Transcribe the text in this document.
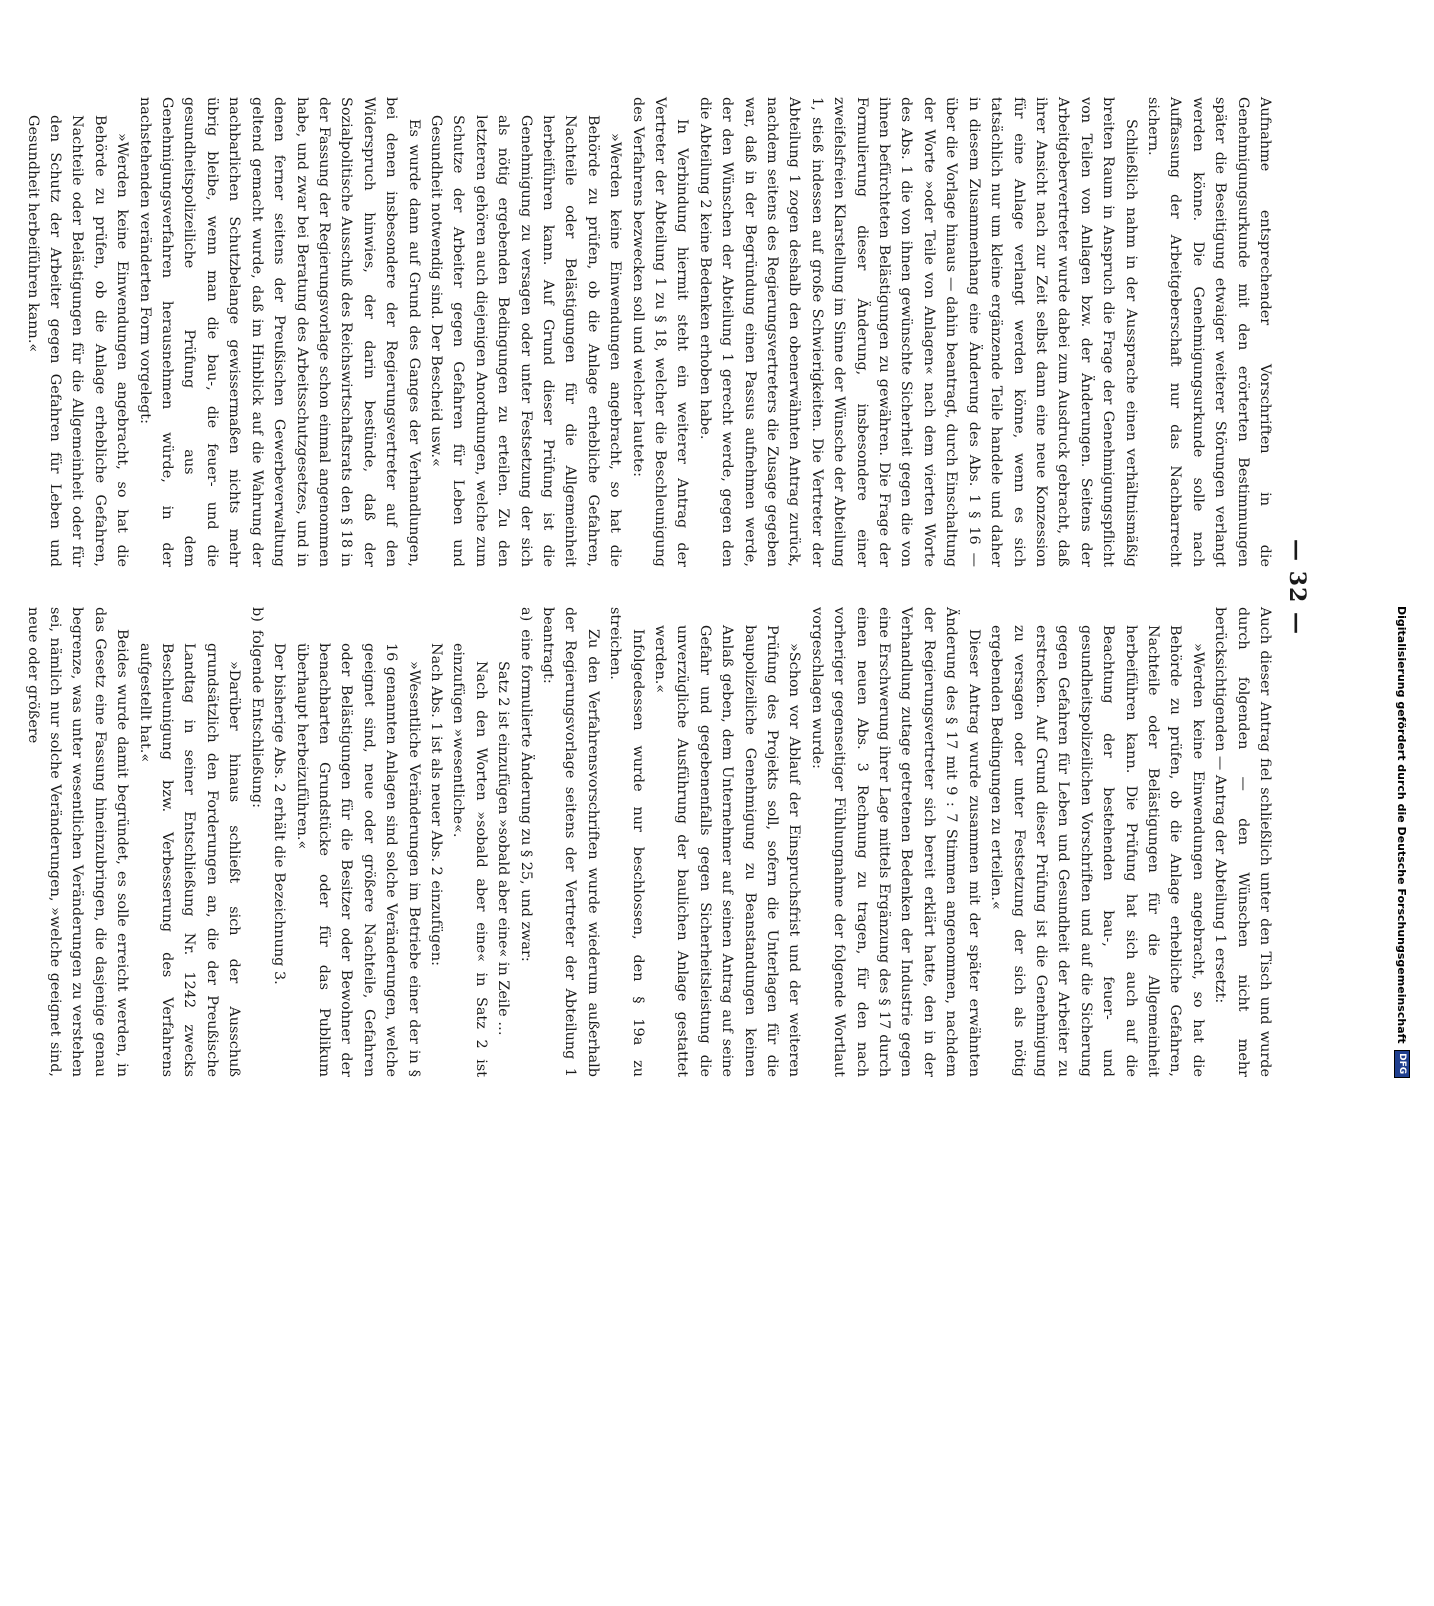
— 32 —

Aufnahme entsprechender Vorschriften in die Genehmigungsurkunde mit den erörterten Bestimmungen später die Beseitigung etwaiger weiterer Störungen verlangt werden könne. Die Genehmigungsurkunde solle nach Auffassung der Arbeitgeberschaft nur das Nachbarrecht sichern.

Schließlich nahm in der Aussprache einen verhältnismäßig breiten Raum in Anspruch die Frage der Genehmigungspflicht von Teilen von Anlagen bzw. der Änderungen. Seitens der Arbeitgebervertreter wurde dabei zum Ausdruck gebracht, daß ihrer Ansicht nach zur Zeit selbst dann eine neue Konzession für eine Anlage verlangt werden könne, wenn es sich tatsächlich nur um kleine ergänzende Teile handele und daher in diesem Zusammenhang eine Änderung des Abs. 1 § 16 — über die Vorlage hinaus — dahin beantragt, durch Einschaltung der Worte »oder Teile von Anlagen« nach dem vierten Worte des Abs. 1 die von ihnen gewünschte Sicherheit gegen die von ihnen befürchteten Belästigungen zu gewähren. Die Frage der Formulierung dieser Änderung, insbesondere einer zweifelsfreien Klarstellung im Sinne der Wünsche der Abteilung 1, stieß indessen auf große Schwierigkeiten. Die Vertreter der Abteilung 1 zogen deshalb den obenerwähnten Antrag zurück, nachdem seitens des Regierungsvertreters die Zusage gegeben war, daß in der Begründung einen Passus aufnehmen werde, der den Wünschen der Abteilung 1 gerecht werde, gegen den die Abteilung 2 keine Bedenken erhoben habe.

In Verbindung hiermit steht ein weiterer Antrag der Vertreter der Abteilung 1 zu § 18, welcher die Beschleunigung des Verfahrens bezwecken soll und welcher lautete:

»Werden keine Einwendungen angebracht, so hat die Behörde zu prüfen, ob die Anlage erhebliche Gefahren, Nachteile oder Belästigungen für die Allgemeinheit herbeiführen kann. Auf Grund dieser Prüfung ist die Genehmigung zu versagen oder unter Festsetzung der sich als nötig ergebenden Bedingungen zu erteilen. Zu den letzteren gehören auch diejenigen Anordnungen, welche zum Schutze der Arbeiter gegen Gefahren für Leben und Gesundheit notwendig sind. Der Bescheid usw.«

Es wurde dann auf Grund des Ganges der Verhandlungen, bei denen insbesondere der Regierungsvertreter auf den Widerspruch hinwies, der darin bestünde, daß der Sozialpolitische Ausschuß des Reichswirtschaftsrats den § 18 in der Fassung der Regierungsvorlage schon einmal angenommen habe, und zwar bei Beratung des Arbeitsschutzgesetzes, und in denen ferner seitens der Preußischen Gewerbeverwaltung geltend gemacht wurde, daß im Hinblick auf die Wahrung der nachbarlichen Schutzbelange gewissermaßen nichts mehr übrig bleibe, wenn man die bau-, die feuer- und die gesundheitspolizeiliche Prüfung aus dem Genehmigungsverfahren herausnehmen würde, in der nachstehenden veränderten Form vorgelegt:

»Werden keine Einwendungen angebracht, so hat die Behörde zu prüfen, ob die Anlage erhebliche Gefahren, Nachteile oder Belästigungen für die Allgemeinheit oder für den Schutz der Arbeiter gegen Gefahren für Leben und Gesundheit herbeiführen kann.«

Auch dieser Antrag fiel schließlich unter den Tisch und wurde durch folgenden — den Wünschen nicht mehr berücksichtigenden — Antrag der Abteilung 1 ersetzt:

»Werden keine Einwendungen angebracht, so hat die Behörde zu prüfen, ob die Anlage erhebliche Gefahren, Nachteile oder Belästigungen für die Allgemeinheit herbeiführen kann. Die Prüfung hat sich auch auf die Beachtung der bestehenden bau-, feuer- und gesundheitspolizeilichen Vorschriften und auf die Sicherung gegen Gefahren für Leben und Gesundheit der Arbeiter zu erstrecken. Auf Grund dieser Prüfung ist die Genehmigung zu versagen oder unter Festsetzung der sich als nötig ergebenden Bedingungen zu erteilen.«

Dieser Antrag wurde zusammen mit der später erwähnten Änderung des § 17 mit 9 : 7 Stimmen angenommen, nachdem der Regierungsvertreter sich bereit erklärt hatte, den in der Verhandlung zutage getretenen Bedenken der Industrie gegen eine Erschwerung ihrer Lage mittels Ergänzung des § 17 durch einen neuen Abs. 3 Rechnung zu tragen, für den nach vorheriger gegenseitiger Fühlungnahme der folgende Wortlaut vorgeschlagen wurde:

»Schon vor Ablauf der Einspruchsfrist und der weiteren Prüfung des Projekts soll, sofern die Unterlagen für die baupolizeiliche Genehmigung zu Beanstandungen keinen Anlaß geben, dem Unternehmer auf seinen Antrag auf seine Gefahr und gegebenenfalls gegen Sicherheitsleistung die unverzügliche Ausführung der baulichen Anlage gestattet werden.«

Infolgedessen wurde nur beschlossen, den § 19a zu streichen.

Zu den Verfahrensvorschriften wurde wiederum außerhalb der Regierungsvorlage seitens der Vertreter der Abteilung 1 beantragt:

a)
eine formulierte Änderung zu § 25, und zwar:

Satz 2 ist einzufügen »sobald aber eine« in Zeile …

Nach den Worten »sobald aber eine« in Satz 2 ist einzufügen »wesentliche«.

Nach Abs. 1 ist als neuer Abs. 2 einzufügen:

»Wesentliche Veränderungen im Betriebe einer der in § 16 genannten Anlagen sind solche Veränderungen, welche geeignet sind, neue oder größere Nachteile, Gefahren oder Belästigungen für die Besitzer oder Bewohner der benachbarten Grundstücke oder für das Publikum überhaupt herbeizuführen.«

Der bisherige Abs. 2 erhält die Bezeichnung 3.

b)
folgende Entschließung:

»Darüber hinaus schließt sich der Ausschuß grundsätzlich den Forderungen an, die der Preußische Landtag in seiner Entschließung Nr. 1242 zwecks Beschleunigung bzw. Verbesserung des Verfahrens aufgestellt hat.«

Beides wurde damit begründet, es solle erreicht werden, in das Gesetz eine Fassung hineinzubringen, die dasjenige genau begrenze, was unter wesentlichen Veränderungen zu verstehen sei, nämlich nur solche Veränderungen, »welche geeignet sind, neue oder größere	Digitalisierung gefördert durch die Deutsche Forschungsgemeinschaft
DFG
